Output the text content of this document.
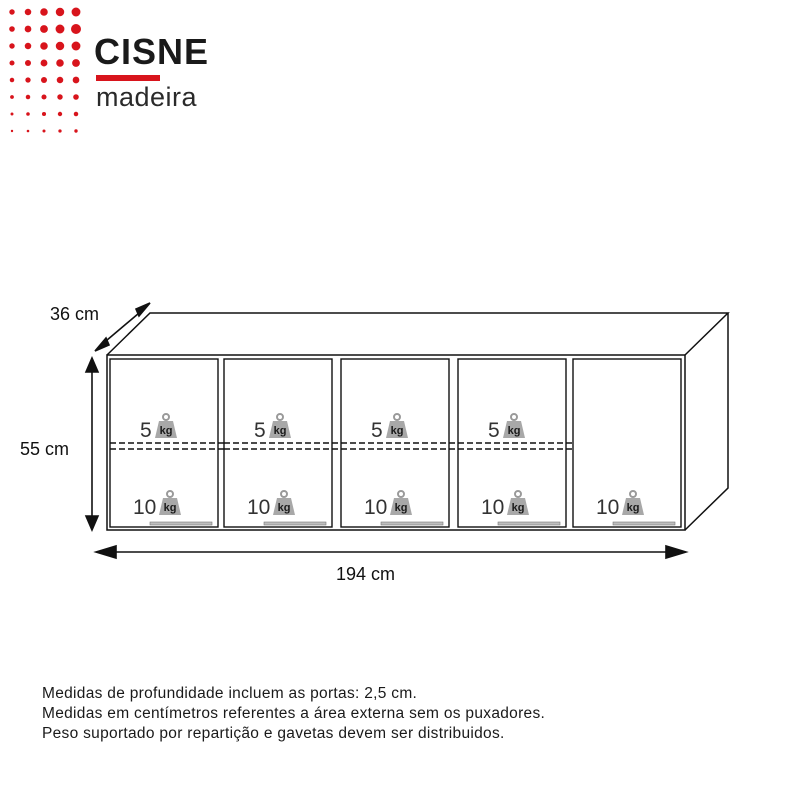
CISNE
madeira
kg
kg
kg
kg
kg
kg
kg
kg	kg
36 cm
55 cm
194 cm
5
10
5
10
5
10
5
10	10
Medidas de profundidade incluem as portas: 2,5 cm.
Medidas em centímetros referentes a área externa sem os puxadores.
Peso suportado por repartição e gavetas devem ser distribuidos.
